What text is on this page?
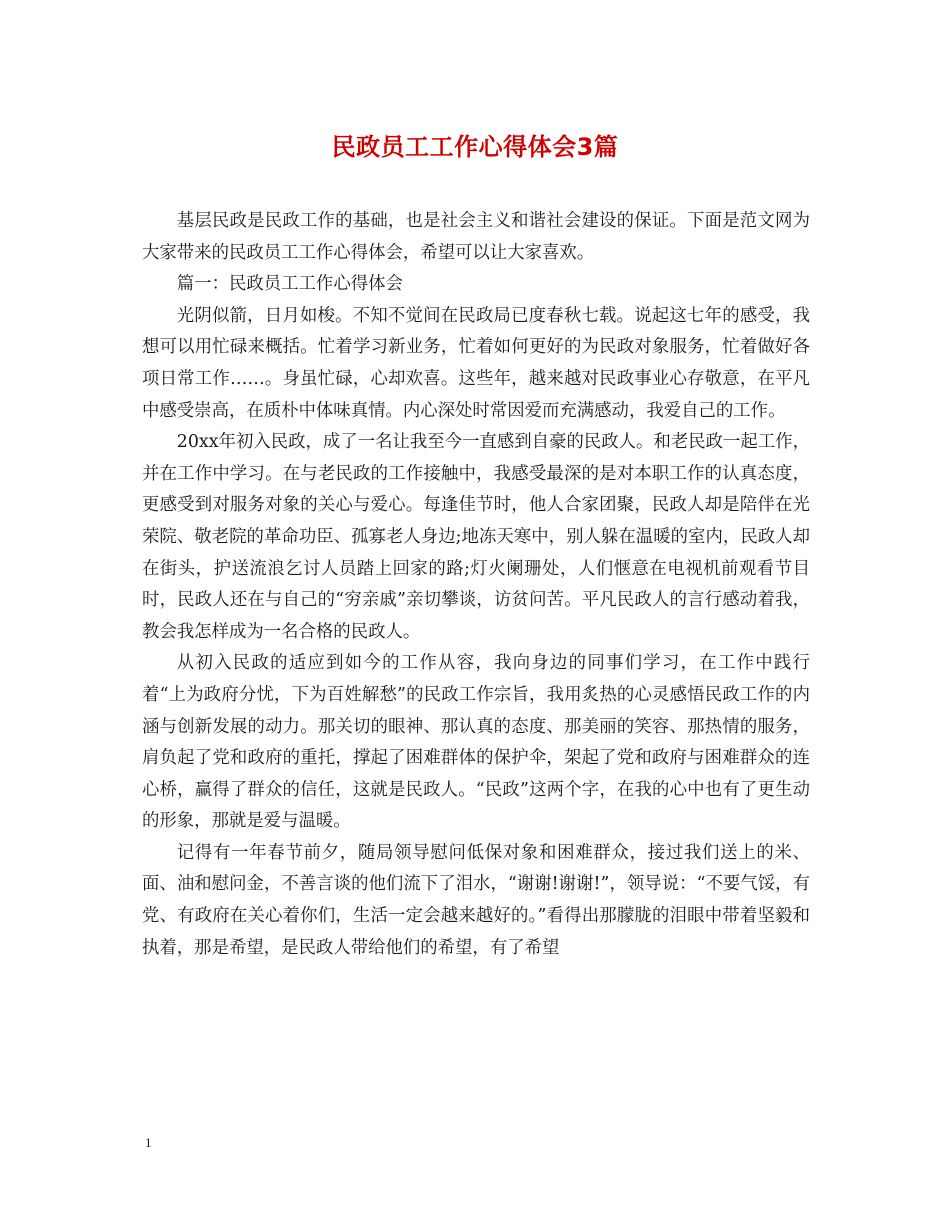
民政员工工作心得体会3篇

基层民政是民政工作的基础，也是社会主义和谐社会建设的保证。下面是范文网为大家带来的民政员工工作心得体会，希望可以让大家喜欢。

篇一：民政员工工作心得体会

光阴似箭，日月如梭。不知不觉间在民政局已度春秋七载。说起这七年的感受，我想可以用忙碌来概括。忙着学习新业务，忙着如何更好的为民政对象服务，忙着做好各项日常工作……。身虽忙碌，心却欢喜。这些年，越来越对民政事业心存敬意，在平凡中感受崇高，在质朴中体味真情。内心深处时常因爱而充满感动，我爱自己的工作。

20xx年初入民政，成了一名让我至今一直感到自豪的民政人。和老民政一起工作，并在工作中学习。在与老民政的工作接触中，我感受最深的是对本职工作的认真态度，更感受到对服务对象的关心与爱心。每逢佳节时，他人合家团聚，民政人却是陪伴在光荣院、敬老院的革命功臣、孤寡老人身边;地冻天寒中，别人躲在温暖的室内，民政人却在街头，护送流浪乞讨人员踏上回家的路;灯火阑珊处，人们惬意在电视机前观看节目时，民政人还在与自己的“穷亲戚”亲切攀谈，访贫问苦。平凡民政人的言行感动着我，教会我怎样成为一名合格的民政人。

从初入民政的适应到如今的工作从容，我向身边的同事们学习，在工作中践行着“上为政府分忧，下为百姓解愁”的民政工作宗旨，我用炙热的心灵感悟民政工作的内涵与创新发展的动力。那关切的眼神、那认真的态度、那美丽的笑容、那热情的服务，肩负起了党和政府的重托，撑起了困难群体的保护伞，架起了党和政府与困难群众的连心桥，赢得了群众的信任，这就是民政人。“民政”这两个字，在我的心中也有了更生动的形象，那就是爱与温暖。

记得有一年春节前夕，随局领导慰问低保对象和困难群众，接过我们送上的米、面、油和慰问金，不善言谈的他们流下了泪水，“谢谢!谢谢!”，领导说：“不要气馁，有党、有政府在关心着你们，生活一定会越来越好的。”看得出那朦胧的泪眼中带着坚毅和执着，那是希望，是民政人带给他们的希望，有了希望

1
